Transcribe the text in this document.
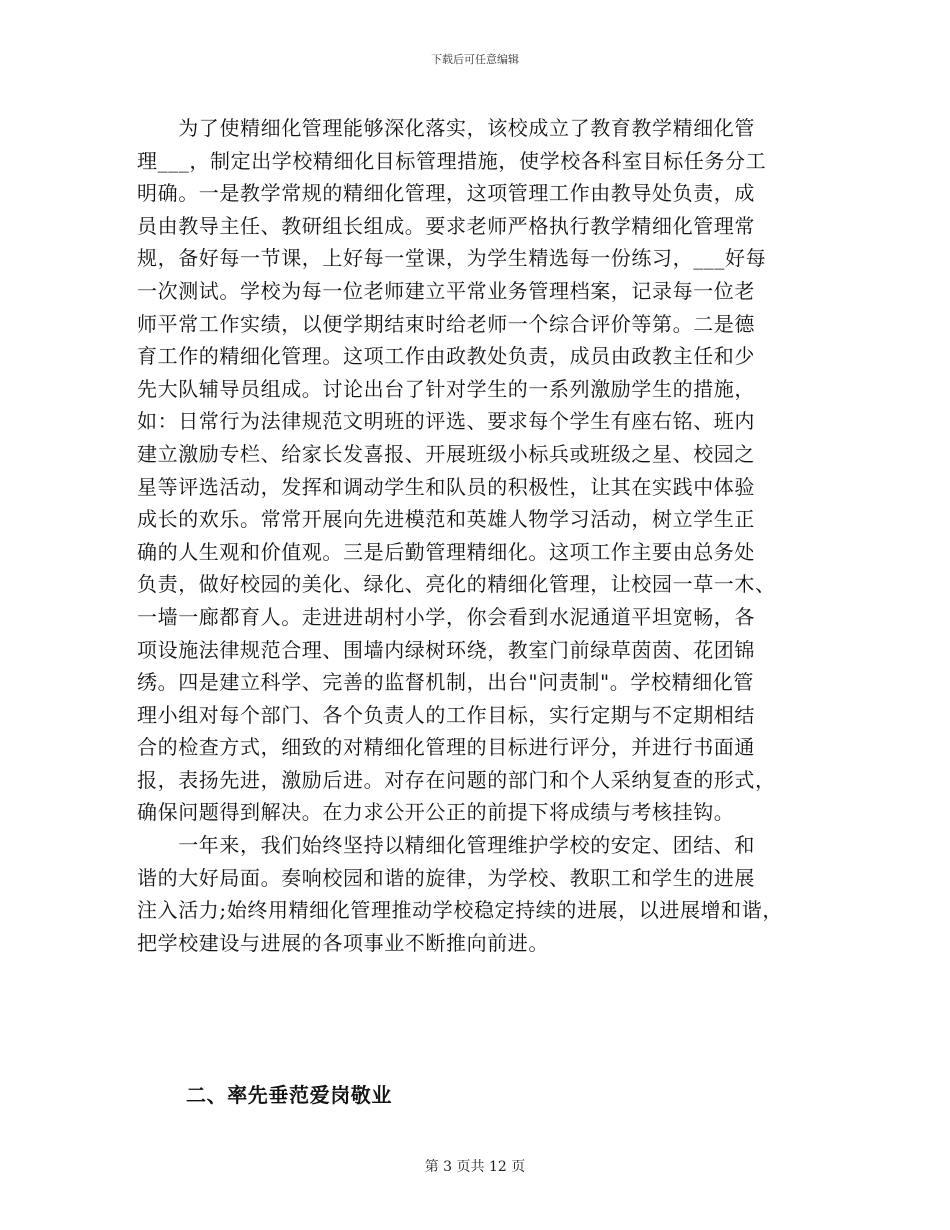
下载后可任意编辑
　　为了使精细化管理能够深化落实，该校成立了教育教学精细化管
理___，制定出学校精细化目标管理措施，使学校各科室目标任务分工
明确。一是教学常规的精细化管理，这项管理工作由教导处负责，成
员由教导主任、教研组长组成。要求老师严格执行教学精细化管理常
规，备好每一节课，上好每一堂课，为学生精选每一份练习，___好每
一次测试。学校为每一位老师建立平常业务管理档案，记录每一位老
师平常工作实绩，以便学期结束时给老师一个综合评价等第。二是德
育工作的精细化管理。这项工作由政教处负责，成员由政教主任和少
先大队辅导员组成。讨论出台了针对学生的一系列激励学生的措施，
如：日常行为法律规范文明班的评选、要求每个学生有座右铭、班内
建立激励专栏、给家长发喜报、开展班级小标兵或班级之星、校园之
星等评选活动，发挥和调动学生和队员的积极性，让其在实践中体验
成长的欢乐。常常开展向先进模范和英雄人物学习活动，树立学生正
确的人生观和价值观。三是后勤管理精细化。这项工作主要由总务处
负责，做好校园的美化、绿化、亮化的精细化管理，让校园一草一木、
一墙一廊都育人。走进进胡村小学，你会看到水泥通道平坦宽畅，各
项设施法律规范合理、围墙内绿树环绕，教室门前绿草茵茵、花团锦
绣。四是建立科学、完善的监督机制，出台"问责制"。学校精细化管
理小组对每个部门、各个负责人的工作目标，实行定期与不定期相结
合的检查方式，细致的对精细化管理的目标进行评分，并进行书面通
报，表扬先进，激励后进。对存在问题的部门和个人采纳复查的形式，
确保问题得到解决。在力求公开公正的前提下将成绩与考核挂钩。
　　一年来，我们始终坚持以精细化管理维护学校的安定、团结、和
谐的大好局面。奏响校园和谐的旋律，为学校、教职工和学生的进展
注入活力;始终用精细化管理推动学校稳定持续的进展，以进展增和谐，
把学校建设与进展的各项事业不断推向前进。
二、率先垂范爱岗敬业
第 3 页共 12 页
